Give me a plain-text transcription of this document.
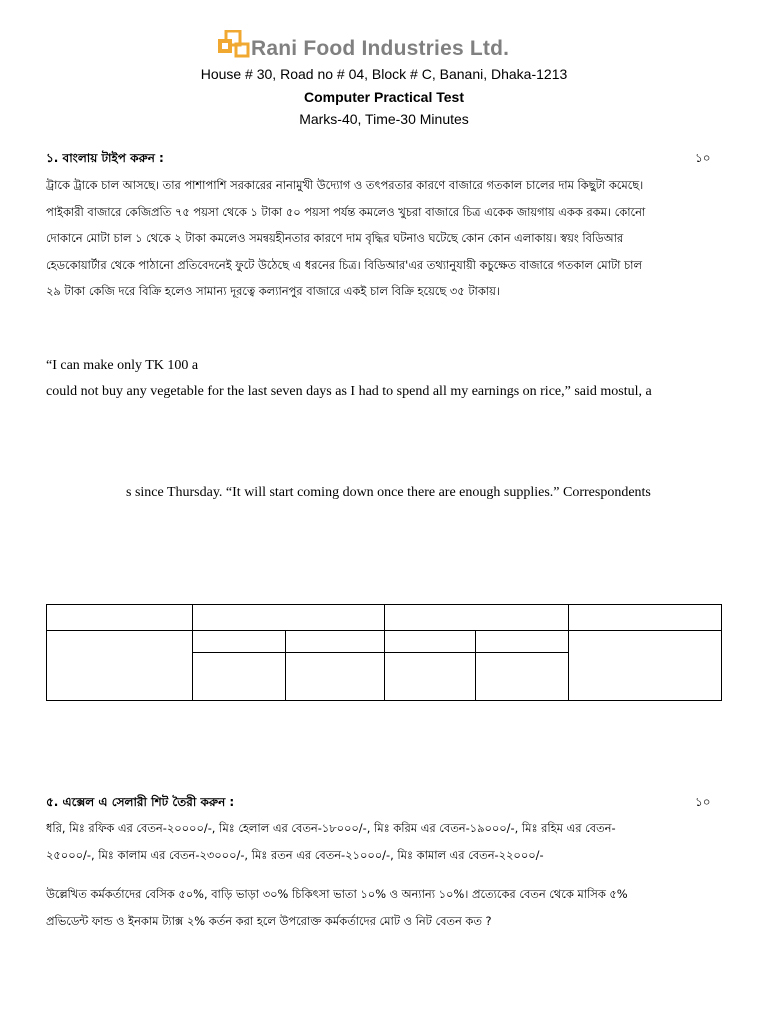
Rani Food Industries Ltd.
House # 30, Road no # 04, Block # C, Banani, Dhaka-1213
Computer Practical Test
Marks-40, Time-30 Minutes
১. বাংলায় টাইপ করুন :	১০
ট্রাকে ট্রাকে চাল আসছে। তার পাশাপাশি সরকারের নানামুখী উদ্যোগ ও তৎপরতার কারণে বাজারে গতকাল চালের দাম কিছুটা কমেছে।
পাইকারী বাজারে কেজিপ্রতি ৭৫ পয়সা থেকে ১ টাকা ৫০ পয়সা পর্যন্ত কমলেও খুচরা বাজারে চিত্র একেক জায়গায় একক রকম। কোনো
দোকানে মোটা চাল ১ থেকে ২ টাকা কমলেও সমন্বয়হীনতার কারণে দাম বৃদ্ধির ঘটনাও ঘটেছে কোন কোন এলাকায়। স্বয়ং বিডিআর
হেডকোয়ার্টার থেকে পাঠানো প্রতিবেদনেই ফুটে উঠেছে এ ধরনের চিত্র। বিডিআর'এর তথ্যানুযায়ী কচুক্ষেত বাজারে গতকাল মোটা চাল
২৯ টাকা কেজি দরে বিক্রি হলেও সামান্য দূরত্বে কল্যানপুর বাজারে একই চাল বিক্রি হয়েছে ৩৫ টাকায়।
“I can make only TK 100 a
could not buy any vegetable for the last seven days as I had to spend all my earnings on rice,” said mostul, a
s since Thursday. “It will start coming down once there are enough supplies.” Correspondents

৫. এক্সেল এ সেলারী শিট তৈরী করুন :	১০
ধরি, মিঃ রফিক এর বেতন-২০০০০/-, মিঃ হেলাল এর বেতন-১৮০০০/-, মিঃ করিম এর বেতন-১৯০০০/-, মিঃ রহিম এর বেতন-
২৫০০০/-, মিঃ কালাম এর বেতন-২৩০০০/-, মিঃ রতন এর বেতন-২১০০০/-, মিঃ কামাল এর বেতন-২২০০০/-
উল্লেখিত কর্মকর্তাদের বেসিক ৫০%, বাড়ি ভাড়া ৩০% চিকিৎসা ভাতা ১০% ও অন্যান্য ১০%। প্রত্যেকের বেতন থেকে মাসিক ৫%
প্রভিডেন্ট ফান্ড ও ইনকাম ট্যাক্স ২% কর্তন করা হলে উপরোক্ত কর্মকর্তাদের মোট ও নিট বেতন কত ?
